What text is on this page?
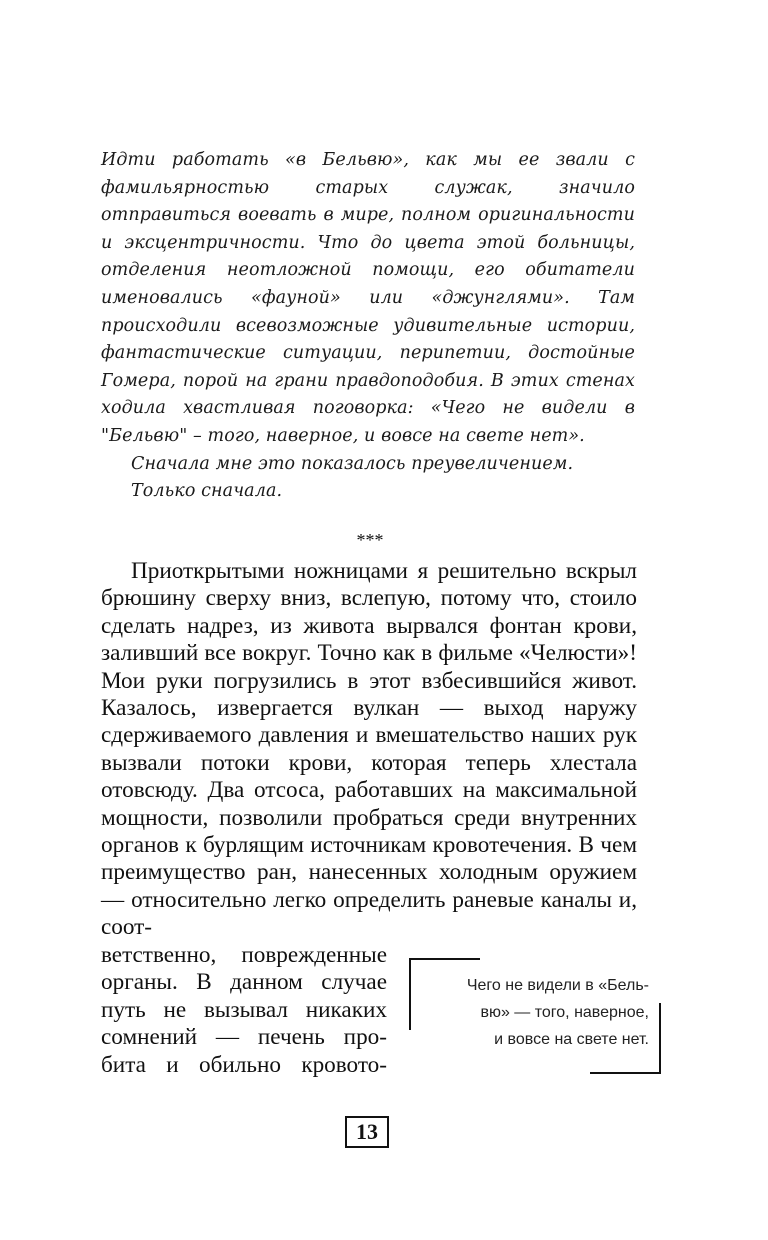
Идти работать «в Бельвю», как мы ее звали с фамильярностью старых служак, значило отправиться воевать в мире, полном оригинальности и эксцентричности. Что до цвета этой больницы, отделения неотложной помощи, его обитатели именовались «фауной» или «джунглями». Там происходили всевозможные удивительные истории, фантастические ситуации, перипетии, достойные Гомера, порой на грани правдоподобия. В этих стенах ходила хвастливая поговорка: «Чего не видели в "Бельвю" – того, наверное, и вовсе на свете нет».

Сначала мне это показалось преувеличением.

Только сначала.

***

Приоткрытыми ножницами я решительно вскрыл брюшину сверху вниз, вслепую, потому что, стоило сделать надрез, из живота вырвался фонтан крови, заливший все вокруг. Точно как в фильме «Челюсти»! Мои руки погрузились в этот взбесившийся живот. Казалось, извергается вулкан — выход наружу сдерживаемого давления и вмешательство наших рук вызвали потоки крови, которая теперь хлестала отовсюду. Два отсоса, работавших на максимальной мощности, позволили пробраться среди внутренних органов к бурлящим источникам кровотечения. В чем преимущество ран, нанесенных холодным оружием — относительно легко определить раневые каналы и, соот-

ветственно, поврежденные
органы. В данном случае
путь не вызывал никаких
сомнений — печень про-
бита и обильно кровото-
Чего не видели в «Бель-
вю» — того, наверное,
и вовсе на свете нет.
13
